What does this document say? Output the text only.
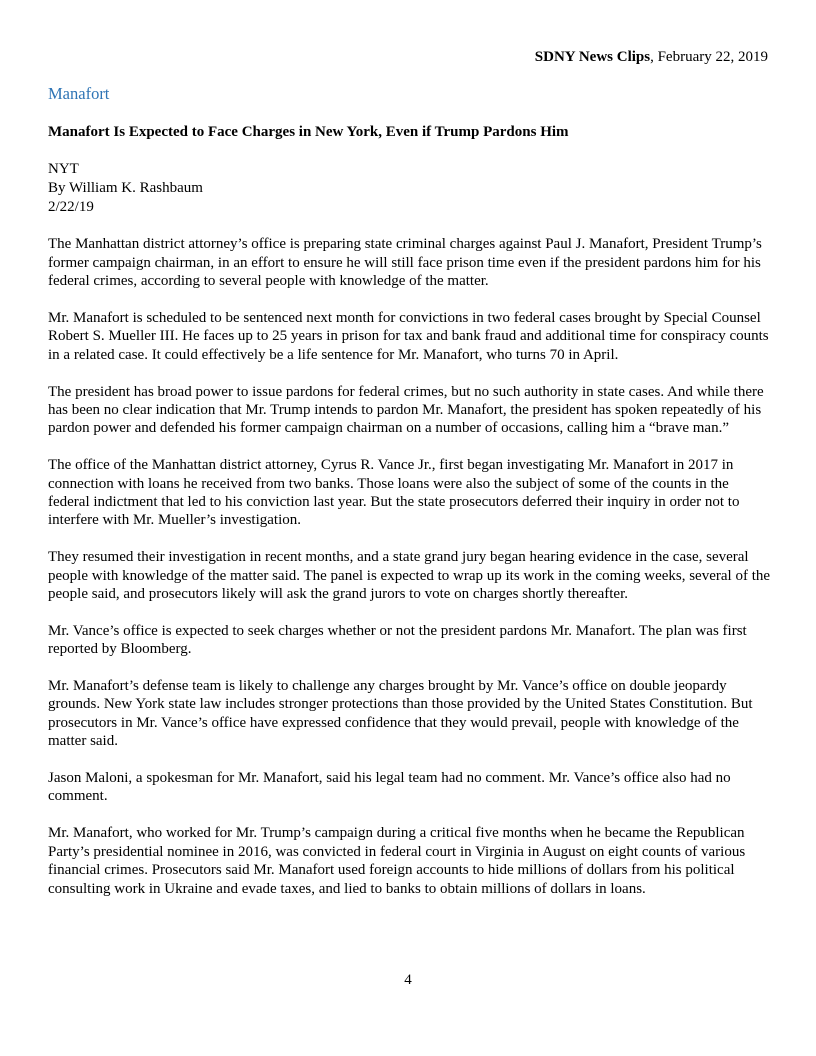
SDNY News Clips, February 22, 2019
Manafort
Manafort Is Expected to Face Charges in New York, Even if Trump Pardons Him
NYT
By William K. Rashbaum
2/22/19
The Manhattan district attorney’s office is preparing state criminal charges against Paul J. Manafort, President Trump’s former campaign chairman, in an effort to ensure he will still face prison time even if the president pardons him for his federal crimes, according to several people with knowledge of the matter.
Mr. Manafort is scheduled to be sentenced next month for convictions in two federal cases brought by Special Counsel Robert S. Mueller III. He faces up to 25 years in prison for tax and bank fraud and additional time for conspiracy counts in a related case. It could effectively be a life sentence for Mr. Manafort, who turns 70 in April.
The president has broad power to issue pardons for federal crimes, but no such authority in state cases. And while there has been no clear indication that Mr. Trump intends to pardon Mr. Manafort, the president has spoken repeatedly of his pardon power and defended his former campaign chairman on a number of occasions, calling him a “brave man.”
The office of the Manhattan district attorney, Cyrus R. Vance Jr., first began investigating Mr. Manafort in 2017 in connection with loans he received from two banks. Those loans were also the subject of some of the counts in the federal indictment that led to his conviction last year. But the state prosecutors deferred their inquiry in order not to interfere with Mr. Mueller’s investigation.
They resumed their investigation in recent months, and a state grand jury began hearing evidence in the case, several people with knowledge of the matter said. The panel is expected to wrap up its work in the coming weeks, several of the people said, and prosecutors likely will ask the grand jurors to vote on charges shortly thereafter.
Mr. Vance’s office is expected to seek charges whether or not the president pardons Mr. Manafort. The plan was first reported by Bloomberg.
Mr. Manafort’s defense team is likely to challenge any charges brought by Mr. Vance’s office on double jeopardy grounds. New York state law includes stronger protections than those provided by the United States Constitution. But prosecutors in Mr. Vance’s office have expressed confidence that they would prevail, people with knowledge of the matter said.
Jason Maloni, a spokesman for Mr. Manafort, said his legal team had no comment. Mr. Vance’s office also had no comment.
Mr. Manafort, who worked for Mr. Trump’s campaign during a critical five months when he became the Republican Party’s presidential nominee in 2016, was convicted in federal court in Virginia in August on eight counts of various financial crimes. Prosecutors said Mr. Manafort used foreign accounts to hide millions of dollars from his political consulting work in Ukraine and evade taxes, and lied to banks to obtain millions of dollars in loans.
4
